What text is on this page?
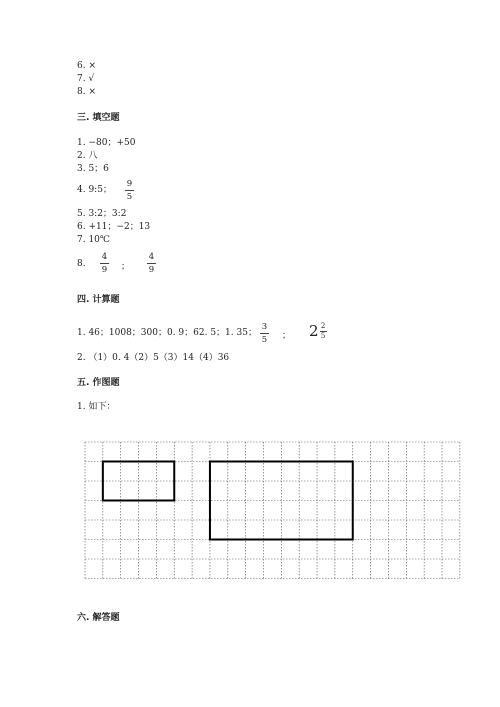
6. ×
7. √
8. ×
三. 填空题
1. −80；+50
2. 八
3. 5；6
4. 9:5；
9
5
5. 3:2；3:2
6. +11；−2；13
7. 10℃
8.
4
9 ；
4
9
四. 计算题
1. 46；1008；300；0. 9；62. 5；1. 35；
3
5 ； 2 2
5
2. （1）0. 4（2）5（3）14（4）36
五. 作图题
1. 如下：
六. 解答题
